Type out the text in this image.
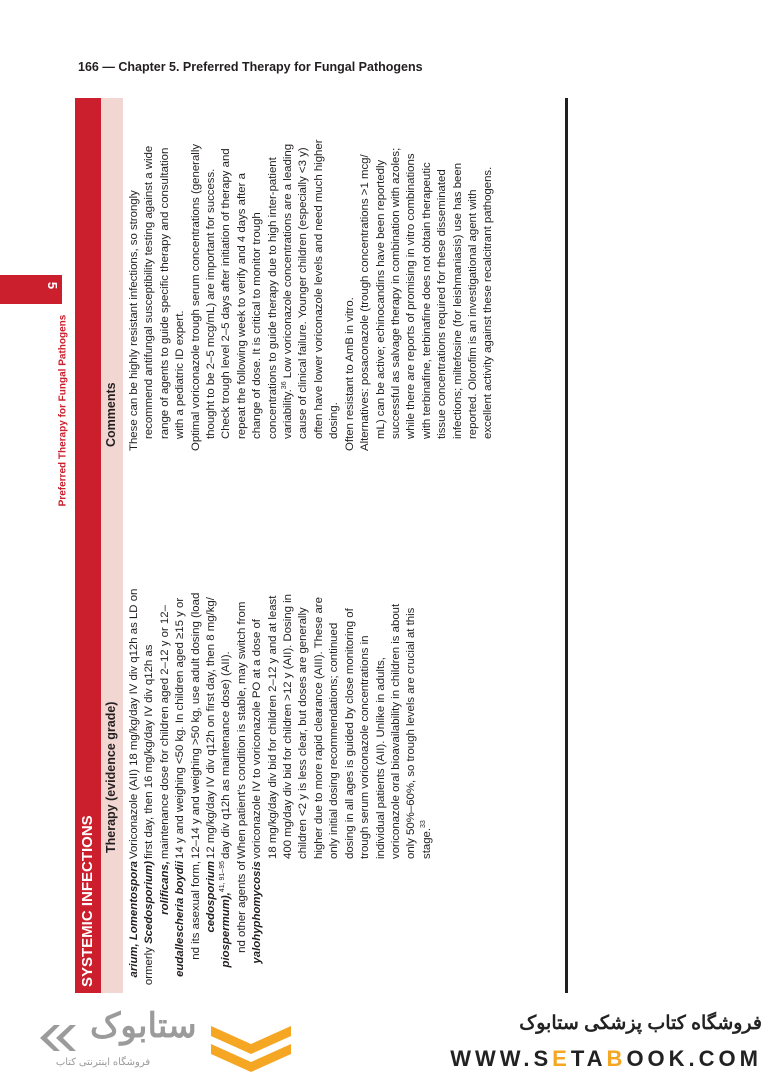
166 — Chapter 5. Preferred Therapy for Fungal Pathogens
5
Preferred Therapy for Fungal Pathogens
SYSTEMIC INFECTIONS
Therapy (evidence grade)
Comments
arium, Lomentospora ormerly Scedosporium) rolificans, eudallescheria boydii nd its asexual form, cedosporium piospermum),$^{41, 91-95}$ nd other agents of yalohyphomycosis
Voriconazole (AII) 18 mg/kg/day IV div q12h as LD on first day, then 16 mg/kg/day IV div q12h as maintenance dose for children aged 2–12 y or 12– 14 y and weighing <50 kg. In children aged ≥15 y or 12–14 y and weighing >50 kg, use adult dosing (load 12 mg/kg/day IV div q12h on first day, then 8 mg/kg/ day div q12h as maintenance dose) (AII). When patient's condition is stable, may switch from voriconazole IV to voriconazole PO at a dose of 18 mg/kg/day div bid for children 2–12 y and at least 400 mg/day div bid for children >12 y (AII). Dosing in children <2 y is less clear, but doses are generally higher due to more rapid clearance (AIII). These are only initial dosing recommendations; continued dosing in all ages is guided by close monitoring of trough serum voriconazole concentrations in individual patients (AII). Unlike in adults, voriconazole oral bioavailability in children is about only 50%–60%, so trough levels are crucial at this stage.$^{33}$
These can be highly resistant infections, so strongly recommend antifungal susceptibility testing against a wide range of agents to guide specific therapy and consultation with a pediatric ID expert. Optimal voriconazole trough serum concentrations (generally thought to be 2–5 mcg/mL) are important for success. Check trough level 2–5 days after initiation of therapy and repeat the following week to verify and 4 days after a change of dose. It is critical to monitor trough concentrations to guide therapy due to high inter-patient variability.$^{36}$ Low voriconazole concentrations are a leading cause of clinical failure. Younger children (especially <3 y) often have lower voriconazole levels and need much higher dosing. Often resistant to AmB in vitro. Alternatives: posaconazole (trough concentrations >1 mcg/ mL) can be active; echinocandins have been reportedly successful as salvage therapy in combination with azoles; while there are reports of promising in vitro combinations with terbinafine, terbinafine does not obtain therapeutic tissue concentrations required for these disseminated infections; miltefosine (for leishmaniasis) use has been reported. Olorofim is an investigational agent with excellent activity against these recalcitrant pathogens.
ستابوک
فروشگاه اینترنتی کتاب
فروشگاه کتاب پزشکی ستابوک
WWW.SETABOOK.COM
